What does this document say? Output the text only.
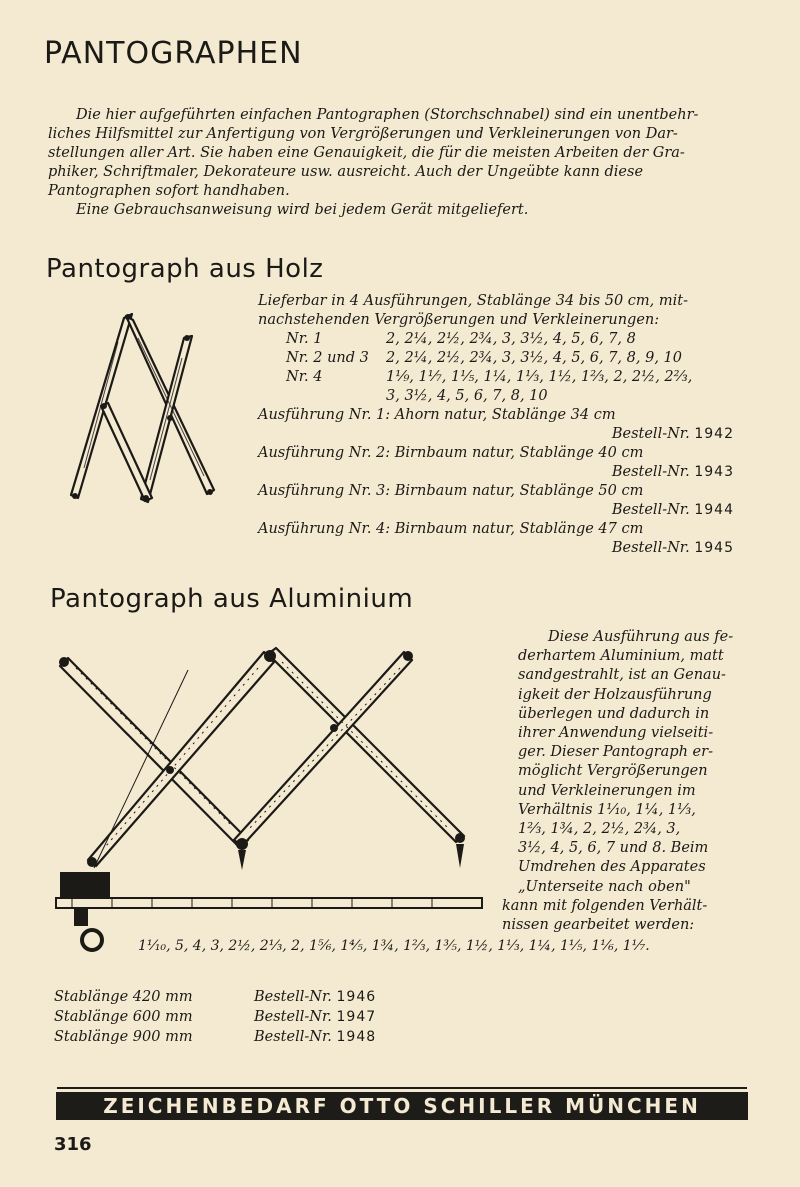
PANTOGRAPHEN

Die hier aufgeführten einfachen Pantographen (Storchschnabel) sind ein unentbehr-

liches Hilfsmittel zur Anfertigung von Vergrößerungen und Verkleinerungen von Dar-

stellungen aller Art. Sie haben eine Genauigkeit, die für die meisten Arbeiten der Gra-

phiker, Schriftmaler, Dekorateure usw. ausreicht. Auch der Ungeübte kann diese

Pantographen sofort handhaben.

Eine Gebrauchsanweisung wird bei jedem Gerät mitgeliefert.

Pantograph aus Holz
Lieferbar in 4 Ausführungen, Stablänge 34 bis 50 cm, mit-
nachstehenden Vergrößerungen und Verkleinerungen:
Nr. 1	2, 2¼, 2½, 2¾, 3, 3½, 4, 5, 6, 7, 8
Nr. 2 und 3	2, 2¼, 2½, 2¾, 3, 3½, 4, 5, 6, 7, 8, 9, 10
Nr. 4	1⅑, 1⅐, 1⅕, 1¼, 1⅓, 1½, 1⅔, 2, 2½, 2⅔,
3, 3½, 4, 5, 6, 7, 8, 10
Ausführung Nr. 1: Ahorn natur, Stablänge 34 cm
Bestell-Nr. 1942
Ausführung Nr. 2: Birnbaum natur, Stablänge 40 cm
Bestell-Nr. 1943
Ausführung Nr. 3: Birnbaum natur, Stablänge 50 cm
Bestell-Nr. 1944
Ausführung Nr. 4: Birnbaum natur, Stablänge 47 cm
Bestell-Nr. 1945
Pantograph aus Aluminium
Diese Ausführung aus fe-
derhartem Aluminium, matt
sandgestrahlt, ist an Genau-
igkeit der Holzausführung
überlegen und dadurch in
ihrer Anwendung vielseiti-
ger. Dieser Pantograph er-
möglicht Vergrößerungen
und Verkleinerungen im
Verhältnis 1⅒, 1¼, 1⅓,
1⅔, 1¾, 2, 2½, 2¾, 3,
3½, 4, 5, 6, 7 und 8. Beim
Umdrehen des Apparates
„Unterseite nach oben"
kann mit folgenden Verhält-
nissen gearbeitet werden:
1⅒, 5, 4, 3, 2½, 2⅓, 2, 1⅚, 1⅘, 1¾, 1⅔, 1⅗, 1½, 1⅓, 1¼, 1⅕, 1⅙, 1⅐.
Stablänge 420 mm	Bestell-Nr. 1946
Stablänge 600 mm	Bestell-Nr. 1947
Stablänge 900 mm	Bestell-Nr. 1948
ZEICHENBEDARF OTTO SCHILLER MÜNCHEN
316
